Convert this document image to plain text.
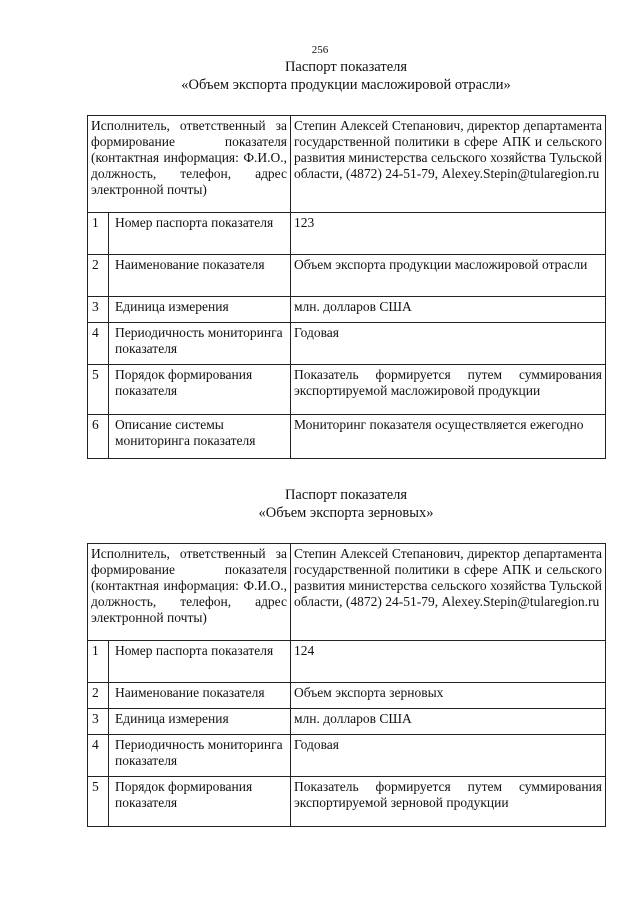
256
Паспорт показателя
«Объем экспорта продукции масложировой отрасли»
Исполнитель, ответственный за формирование показателя (контактная информация: Ф.И.О., должность, телефон, адрес электронной почты)		Степин Алексей Степанович, директор департамента государственной политики в сфере АПК и сельского развития министерства сельского хозяйства Тульской области, (4872) 24-51-79, Alexey.Stepin@tularegion.ru
1	Номер паспорта показателя	123
2	Наименование показателя	Объем экспорта продукции масложировой отрасли
3	Единица измерения	млн. долларов США
4	Периодичность мониторинга показателя	Годовая
5	Порядок формирования показателя	Показатель формируется путем суммирования экспортируемой масложировой продукции
6	Описание системы мониторинга показателя	Мониторинг показателя осуществляется ежегодно
Паспорт показателя
«Объем экспорта зерновых»
Исполнитель, ответственный за формирование показателя (контактная информация: Ф.И.О., должность, телефон, адрес электронной почты)		Степин Алексей Степанович, директор департамента государственной политики в сфере АПК и сельского развития министерства сельского хозяйства Тульской области, (4872) 24-51-79, Alexey.Stepin@tularegion.ru
1	Номер паспорта показателя	124
2	Наименование показателя	Объем экспорта зерновых
3	Единица измерения	млн. долларов США
4	Периодичность мониторинга показателя	Годовая
5	Порядок формирования показателя	Показатель формируется путем суммирования экспортируемой зерновой продукции
